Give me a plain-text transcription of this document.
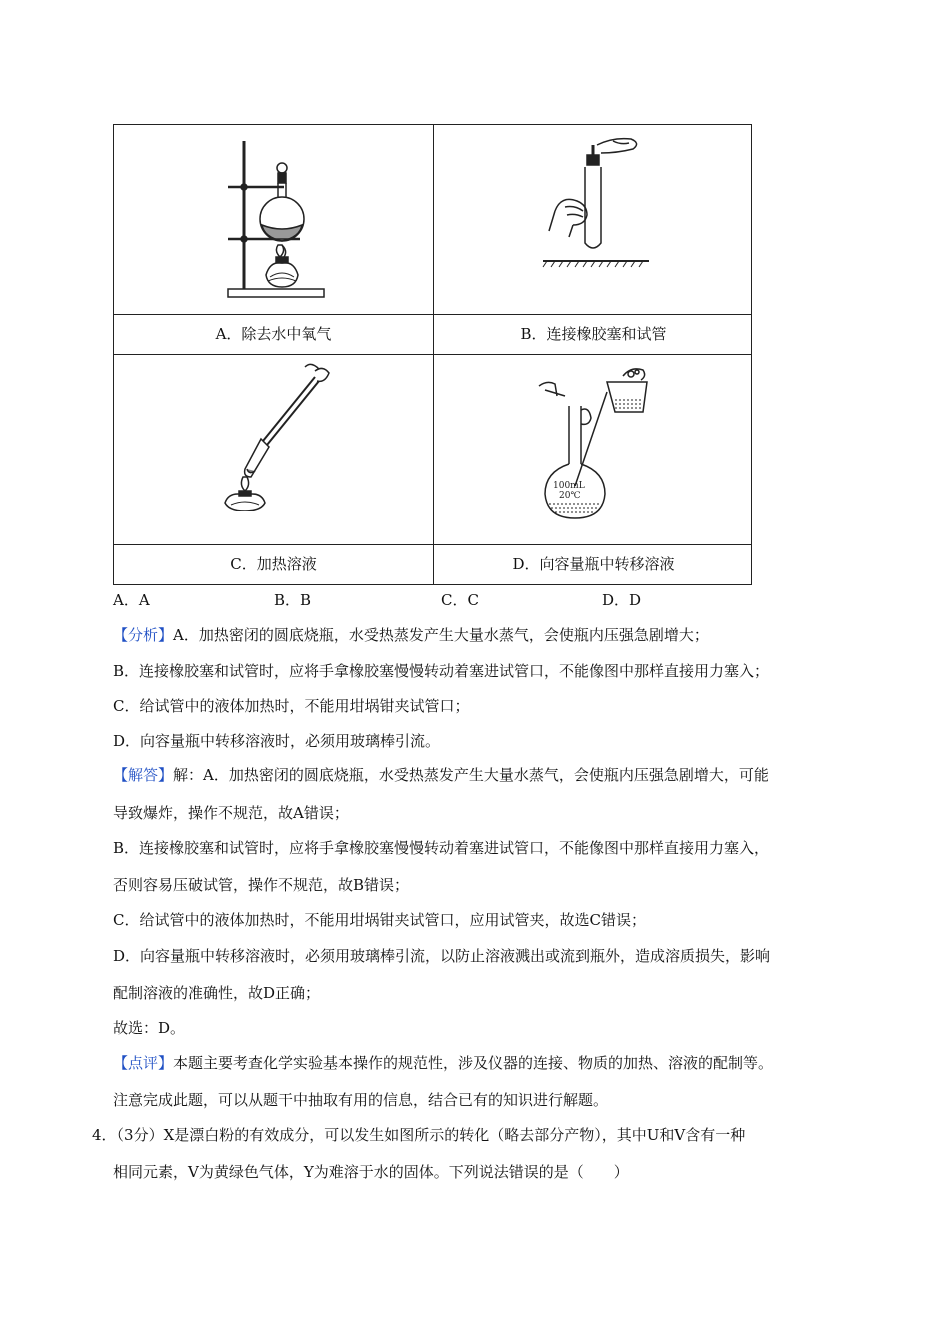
100mL
20℃
A．除去水中氧气	B．连接橡胶塞和试管
C．加热溶液	D．向容量瓶中转移溶液
A．A	B．B	C．C	D．D
【分析】A．加热密闭的圆底烧瓶，水受热蒸发产生大量水蒸气，会使瓶内压强急剧增大；
B．连接橡胶塞和试管时，应将手拿橡胶塞慢慢转动着塞进试管口，不能像图中那样直接用力塞入；
C．给试管中的液体加热时，不能用坩埚钳夹试管口；
D．向容量瓶中转移溶液时，必须用玻璃棒引流。
【解答】解：A．加热密闭的圆底烧瓶，水受热蒸发产生大量水蒸气，会使瓶内压强急剧增大，可能
导致爆炸，操作不规范，故A错误；
B．连接橡胶塞和试管时，应将手拿橡胶塞慢慢转动着塞进试管口，不能像图中那样直接用力塞入，
否则容易压破试管，操作不规范，故B错误；
C．给试管中的液体加热时，不能用坩埚钳夹试管口，应用试管夹，故选C错误；
D．向容量瓶中转移溶液时，必须用玻璃棒引流，以防止溶液溅出或流到瓶外，造成溶质损失，影响
配制溶液的准确性，故D正确；
故选：D。
【点评】本题主要考查化学实验基本操作的规范性，涉及仪器的连接、物质的加热、溶液的配制等。
注意完成此题，可以从题干中抽取有用的信息，结合已有的知识进行解题。
4．（3分）X是漂白粉的有效成分，可以发生如图所示的转化（略去部分产物），其中U和V含有一种
相同元素，V为黄绿色气体，Y为难溶于水的固体。下列说法错误的是（　　）
